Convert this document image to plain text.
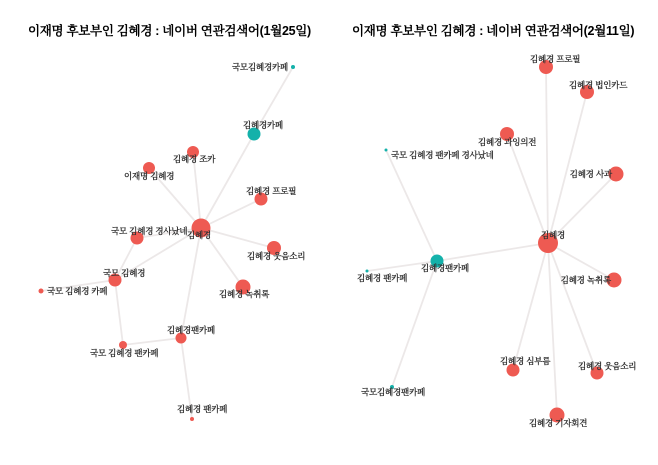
이재명 후보부인 김혜경 : 네이버 연관검색어(1월25일)	이재명 후보부인 김혜경 : 네이버 연관검색어(2월11일)
국모김혜경카페
김혜경카페
김혜경 조카
이재명 김혜경
김혜경 프로필
김혜경
국모 김혜경 경사났네
김혜경 웃음소리
국모 김혜경
국모 김혜경 카페	김혜경 녹취록
김혜경팬카페
국모 김혜경 팬카페
김혜경 팬카페
김혜경 프로필
김혜경 법인카드
김혜경 과잉의전
국모 김혜경 팬카페 경사났네
김혜경 사과
김혜경
김혜경팬카페
김혜경 팬카페	김혜경 녹취록
김혜경 심부름	김혜경 웃음소리
국모김혜경팬카페
김혜경 기자회견
